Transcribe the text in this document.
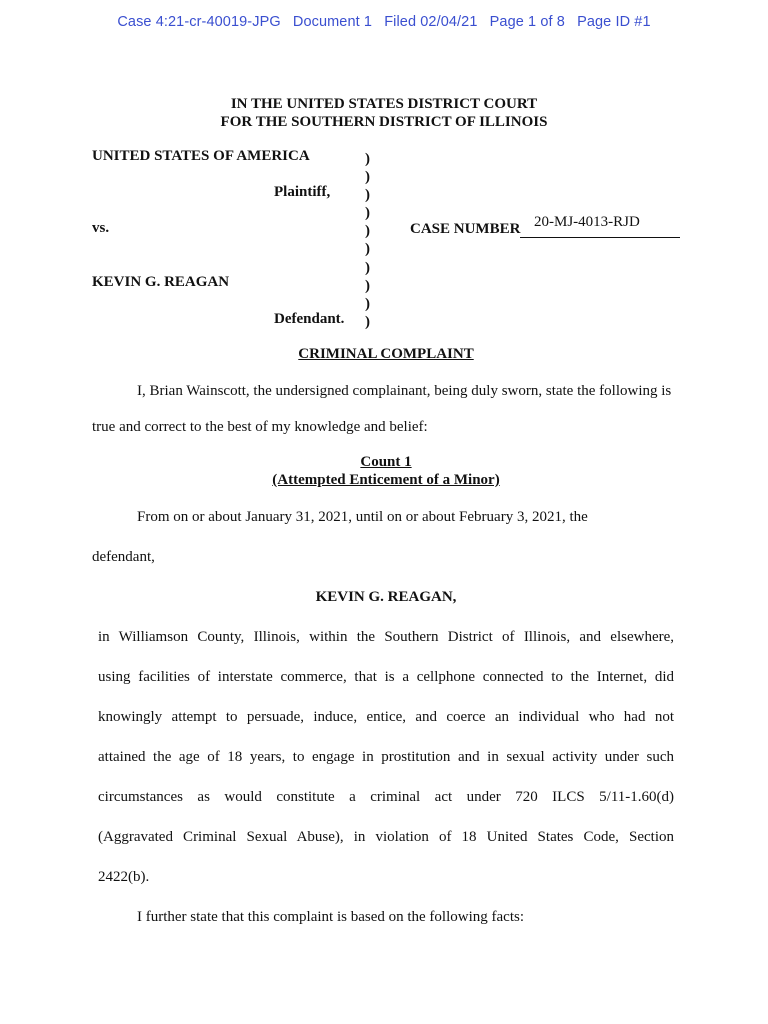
Case 4:21-cr-40019-JPG Document 1 Filed 02/04/21 Page 1 of 8 Page ID #1
IN THE UNITED STATES DISTRICT COURT
FOR THE SOUTHERN DISTRICT OF ILLINOIS
UNITED STATES OF AMERICA
Plaintiff,
vs.
KEVIN G. REAGAN
Defendant.
)
)
)
)
)
)
)
)
)
)
CASE NUMBER 20-MJ-4013-RJD
CRIMINAL COMPLAINT
I, Brian Wainscott, the undersigned complainant, being duly sworn, state the following is
true and correct to the best of my knowledge and belief:
Count 1
(Attempted Enticement of a Minor)
From on or about January 31, 2021, until on or about February 3, 2021, the
defendant,
KEVIN G. REAGAN,
in Williamson County, Illinois, within the Southern District of Illinois, and elsewhere,
using facilities of interstate commerce, that is a cellphone connected to the Internet, did
knowingly attempt to persuade, induce, entice, and coerce an individual who had not
attained the age of 18 years, to engage in prostitution and in sexual activity under such
circumstances as would constitute a criminal act under 720 ILCS 5/11-1.60(d)
(Aggravated Criminal Sexual Abuse), in violation of 18 United States Code, Section
2422(b).
I further state that this complaint is based on the following facts:
